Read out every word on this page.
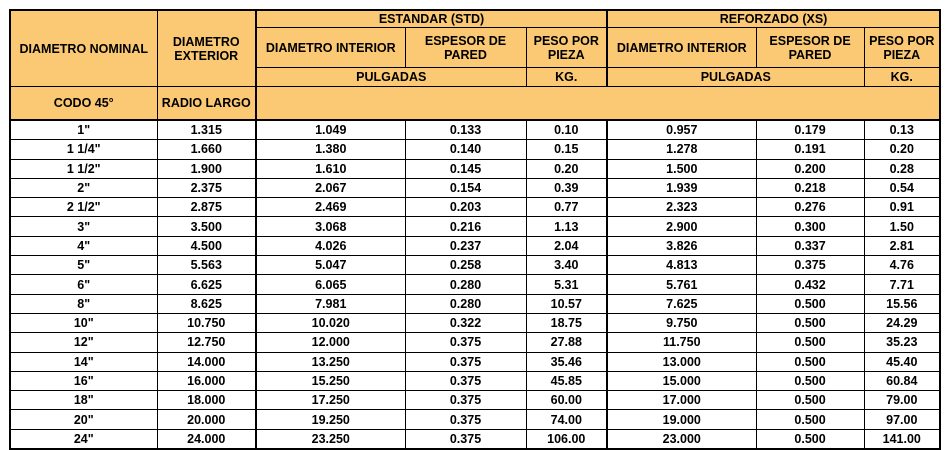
DIAMETRO NOMINAL	DIAMETRO EXTERIOR	ESTANDAR (STD)			REFORZADO (XS)		
		DIAMETRO INTERIOR	ESPESOR DE PARED	PESO POR PIEZA	DIAMETRO INTERIOR	ESPESOR DE PARED	PESO POR PIEZA
		PULGADAS		KG.	PULGADAS		KG.
CODO 45°	RADIO LARGO						
1"	1.315	1.049	0.133	0.10	0.957	0.179	0.13
1 1/4"	1.660	1.380	0.140	0.15	1.278	0.191	0.20
1 1/2"	1.900	1.610	0.145	0.20	1.500	0.200	0.28
2"	2.375	2.067	0.154	0.39	1.939	0.218	0.54
2 1/2"	2.875	2.469	0.203	0.77	2.323	0.276	0.91
3"	3.500	3.068	0.216	1.13	2.900	0.300	1.50
4"	4.500	4.026	0.237	2.04	3.826	0.337	2.81
5"	5.563	5.047	0.258	3.40	4.813	0.375	4.76
6"	6.625	6.065	0.280	5.31	5.761	0.432	7.71
8"	8.625	7.981	0.280	10.57	7.625	0.500	15.56
10"	10.750	10.020	0.322	18.75	9.750	0.500	24.29
12"	12.750	12.000	0.375	27.88	11.750	0.500	35.23
14"	14.000	13.250	0.375	35.46	13.000	0.500	45.40
16"	16.000	15.250	0.375	45.85	15.000	0.500	60.84
18"	18.000	17.250	0.375	60.00	17.000	0.500	79.00
20"	20.000	19.250	0.375	74.00	19.000	0.500	97.00
24"	24.000	23.250	0.375	106.00	23.000	0.500	141.00
